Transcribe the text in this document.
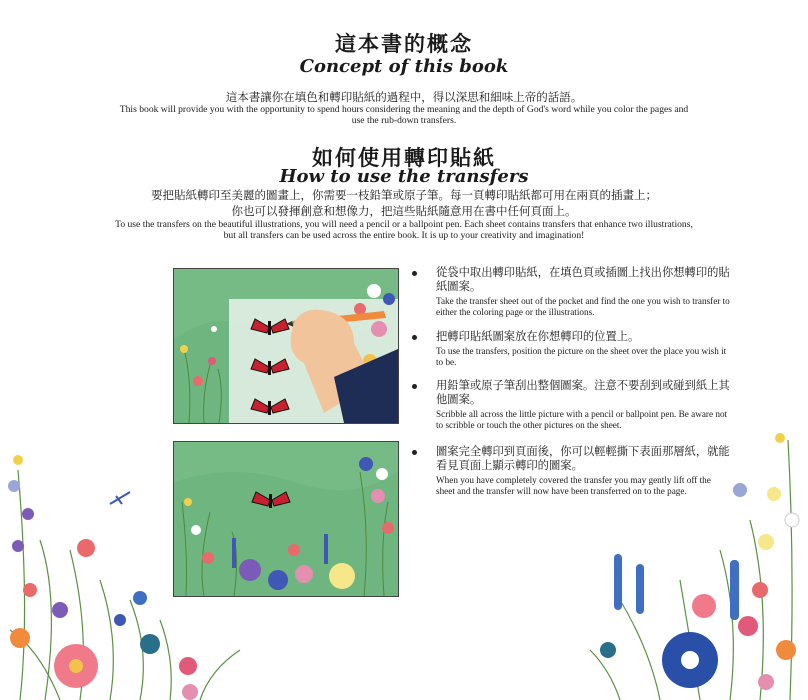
這本書的概念
Concept of this book
這本書讓你在填色和轉印貼紙的過程中，得以深思和細味上帝的話語。
This book will provide you with the opportunity to spend hours considering the meaning and the depth of God's word while you color the pages and use the rub-down transfers.
如何使用轉印貼紙
How to use the transfers
要把貼紙轉印至美麗的圖畫上，你需要一枝鉛筆或原子筆。每一頁轉印貼紙都可用在兩頁的插畫上；
你也可以發揮創意和想像力，把這些貼紙隨意用在書中任何頁面上。
To use the transfers on the beautiful illustrations, you will need a pencil or a ballpoint pen. Each sheet contains transfers that enhance two illustrations, but all transfers can be used across the entire book. It is up to your creativity and imagination!
從袋中取出轉印貼紙，在填色頁或插圖上找出你想轉印的貼紙圖案。
Take the transfer sheet out of the pocket and find the one you wish to transfer to either the coloring page or the illustrations.
把轉印貼紙圖案放在你想轉印的位置上。
To use the transfers, position the picture on the sheet over the place you wish it to be.
用鉛筆或原子筆刮出整個圖案。注意不要刮到或碰到紙上其他圖案。
Scribble all across the little picture with a pencil or ballpoint pen. Be aware not to scribble or touch the other pictures on the sheet.
圖案完全轉印到頁面後，你可以輕輕撕下表面那層紙，就能看見頁面上顯示轉印的圖案。
When you have completely covered the transfer you may gently lift off the sheet and the transfer will now have been transferred on to the page.
